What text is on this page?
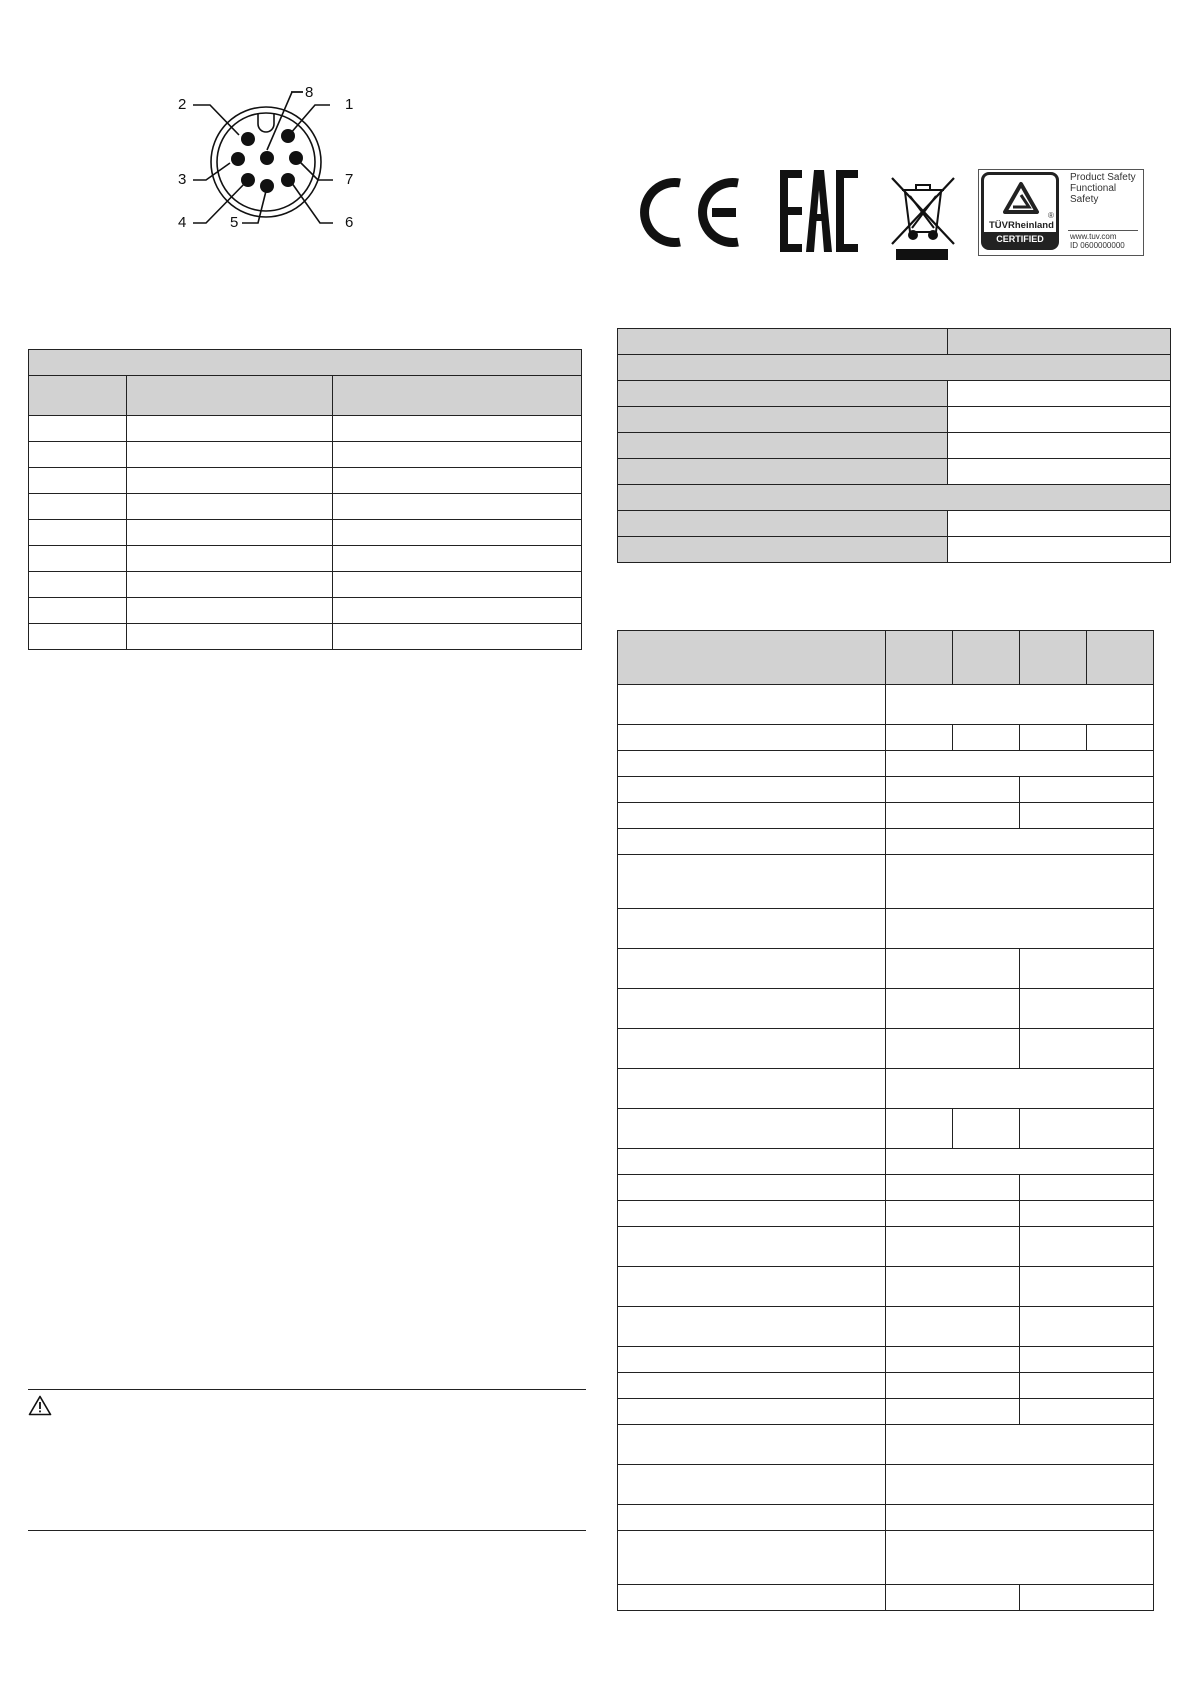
2
8
1
3	7
4	5	6	®
TÜVRheinland
CERTIFIED
Product Safety
Functional
Safety
www.tuv.com
ID 0600000000
